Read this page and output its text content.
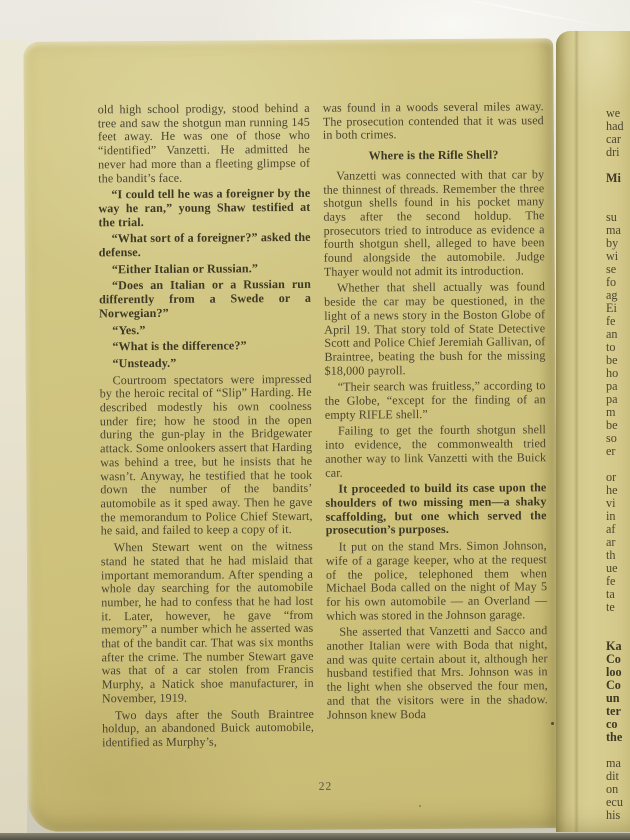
old high school prodigy, stood behind a tree and saw the shotgun man running 145 feet away. He was one of those who “identified” Vanzetti. He admitted he never had more than a fleeting glimpse of the bandit’s face.

“I could tell he was a foreigner by the way he ran,” young Shaw testified at the trial.

“What sort of a foreigner?” asked the defense.

“Either Italian or Russian.”

“Does an Italian or a Russian run differently from a Swede or a Norwegian?”

“Yes.”

“What is the difference?”

“Unsteady.”

Courtroom spectators were impressed by the heroic recital of “Slip” Harding. He described modestly his own coolness under fire; how he stood in the open during the gun-play in the Bridgewater attack. Some onlookers assert that Harding was behind a tree, but he insists that he wasn’t. Anyway, he testified that he took down the number of the bandits’ automobile as it sped away. Then he gave the memorandum to Police Chief Stewart, he said, and failed to keep a copy of it.

When Stewart went on the witness stand he stated that he had mislaid that important memorandum. After spending a whole day searching for the automobile number, he had to confess that he had lost it. Later, however, he gave “from memory” a number which he asserted was that of the bandit car. That was six months after the crime. The number Stewart gave was that of a car stolen from Francis Murphy, a Natick shoe manufacturer, in November, 1919.

Two days after the South Braintree holdup, an abandoned Buick automobile, identified as Murphy’s,

was found in a woods several miles away. The prosecution contended that it was used in both crimes.

Where is the Rifle Shell?

Vanzetti was connected with that car by the thinnest of threads. Remember the three shotgun shells found in his pocket many days after the second holdup. The prosecutors tried to introduce as evidence a fourth shotgun shell, alleged to have been found alongside the automobile. Judge Thayer would not admit its introduction.

Whether that shell actually was found beside the car may be questioned, in the light of a news story in the Boston Globe of April 19. That story told of State Detective Scott and Police Chief Jeremiah Gallivan, of Braintree, beating the bush for the missing $18,000 payroll.

“Their search was fruitless,” according to the Globe, “except for the finding of an empty RIFLE shell.”

Failing to get the fourth shotgun shell into evidence, the commonwealth tried another way to link Vanzetti with the Buick car.

It proceeded to build its case upon the shoulders of two missing men—a shaky scaffolding, but one which served the prosecution’s purposes.

It put on the stand Mrs. Simon Johnson, wife of a garage keeper, who at the request of the police, telephoned them when Michael Boda called on the night of May 5 for his own automobile — an Overland — which was stored in the Johnson garage.

She asserted that Vanzetti and Sacco and another Italian were with Boda that night, and was quite certain about it, although her husband testified that Mrs. Johnson was in the light when she observed the four men, and that the visitors were in the shadow. Johnson knew Boda

22
we
had
car
dri
Mi
su
ma
by
wi
se
fo
ag
Ei
fe
an
to
be
ho
pa
pa
m
be
so
er
or
he
vi
in
af
ar
th
ue
fe
ta
te
Ka
Co
loo
Co
un
ter
co
the
ma
dit
on
ecu
his
